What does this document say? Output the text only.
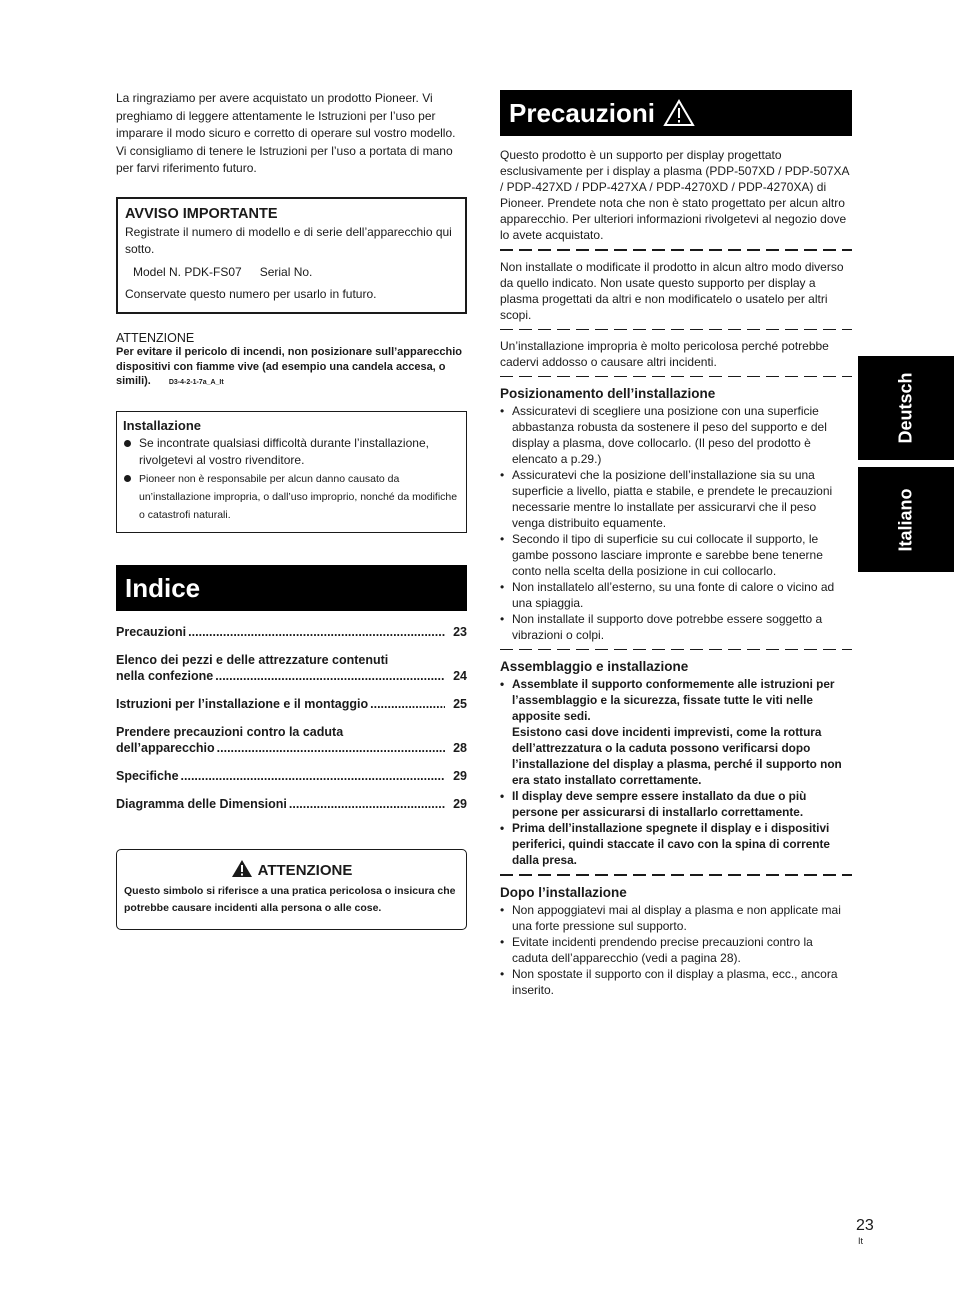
La ringraziamo per avere acquistato un prodotto Pioneer. Vi preghiamo di leggere attentamente le Istruzioni per l’uso per imparare il modo sicuro e corretto di operare sul vostro modello. Vi consigliamo di tenere le Istruzioni per l’uso a portata di mano per farvi riferimento futuro.

AVVISO IMPORTANTE

Registrate il numero di modello e di serie dell’apparecchio qui sotto.

Model N. PDK-FS07 Serial No.

Conservate questo numero per usarlo in futuro.

ATTENZIONE
Per evitare il pericolo di incendi, non posizionare sull’apparecchio dispositivi con fiamme vive (ad esempio una candela accesa, o simili).	D3-4-2-1-7a_A_It
Installazione
Se incontrate qualsiasi difficoltà durante l’installazione, rivolgetevi al vostro rivenditore.
Pioneer non è responsabile per alcun danno causato da un’installazione impropria, o dall’uso improprio, nonché da modifiche o catastrofi naturali.
Indice
Precauzioni .....	23
Elenco dei pezzi e delle attrezzature contenuti
nella confezione .....	24
Istruzioni per l’installazione e il montaggio .....	25
Prendere precauzioni contro la caduta
dell’apparecchio .....	28
Specifiche .....	29
Diagramma delle Dimensioni .....	29
ATTENZIONE
Questo simbolo si riferisce a una pratica pericolosa o insicura che potrebbe causare incidenti alla persona o alle cose.
Precauzioni

Questo prodotto è un supporto per display progettato esclusivamente per i display a plasma (PDP-507XD / PDP-507XA / PDP-427XD / PDP-427XA / PDP-4270XD / PDP-4270XA) di Pioneer. Prendete nota che non è stato progettato per alcun altro apparecchio. Per ulteriori informazioni rivolgetevi al negozio dove lo avete acquistato.

Non installate o modificate il prodotto in alcun altro modo diverso da quello indicato. Non usate questo supporto per display a plasma progettati da altri e non modificatelo o usatelo per altri scopi.

Un’installazione impropria è molto pericolosa perché potrebbe cadervi addosso o causare altri incidenti.

Posizionamento dell’installazione
• Assicuratevi di scegliere una posizione con una superficie abbastanza robusta da sostenere il peso del supporto e del display a plasma, dove collocarlo. (Il peso del prodotto è elencato a p.29.)
• Assicuratevi che la posizione dell’installazione sia su una superficie a livello, piatta e stabile, e prendete le precauzioni necessarie mentre lo installate per assicurarvi che il peso venga distribuito equamente.
• Secondo il tipo di superficie su cui collocate il supporto, le gambe possono lasciare impronte e sarebbe bene tenerne conto nella scelta della posizione in cui collocarlo.
• Non installatelo all’esterno, su una fonte di calore o vicino ad una spiaggia.
• Non installate il supporto dove potrebbe essere soggetto a vibrazioni o colpi.
Assemblaggio e installazione
• Assemblate il supporto conformemente alle istruzioni per l’assemblaggio e la sicurezza, fissate tutte le viti nelle apposite sedi.
Esistono casi dove incidenti imprevisti, come la rottura dell’attrezzatura o la caduta possono verificarsi dopo l’installazione del display a plasma, perché il supporto non era stato installato correttamente.
• Il display deve sempre essere installato da due o più persone per assicurarsi di installarlo correttamente.
• Prima dell’installazione spegnete il display e i dispositivi periferici, quindi staccate il cavo con la spina di corrente dalla presa.
Dopo l’installazione
• Non appoggiatevi mai al display a plasma e non applicate mai una forte pressione sul supporto.
• Evitate incidenti prendendo precise precauzioni contro la caduta dell’apparecchio (vedi a pagina 28).
• Non spostate il supporto con il display a plasma, ecc., ancora inserito.
Deutsch
Italiano
23
It
